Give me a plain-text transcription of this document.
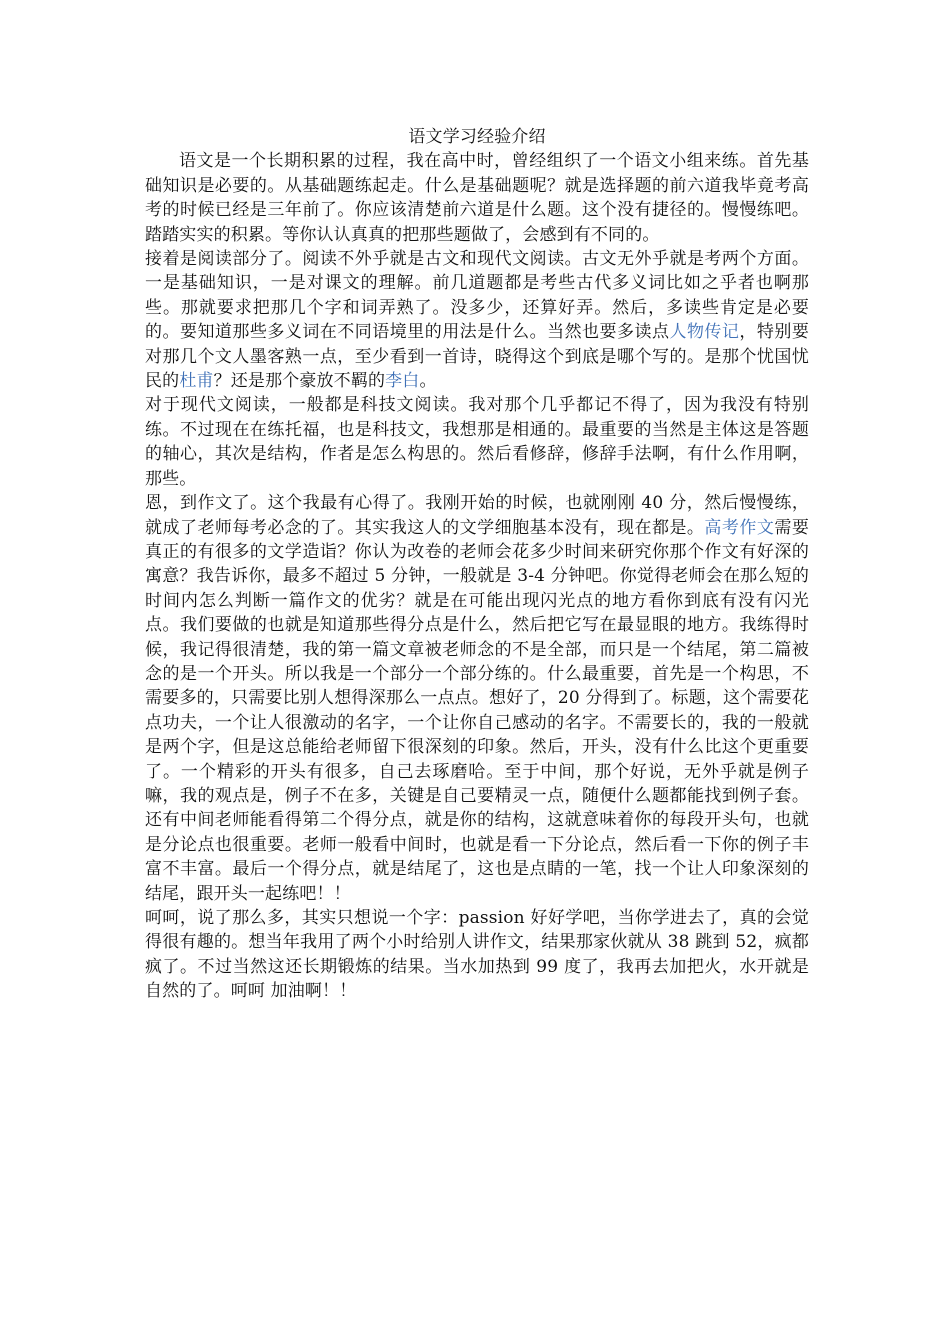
语文学习经验介绍

语文是一个长期积累的过程，我在高中时，曾经组织了一个语文小组来练。首先基础知识是必要的。从基础题练起走。什么是基础题呢？就是选择题的前六道我毕竟考高考的时候已经是三年前了。你应该清楚前六道是什么题。这个没有捷径的。慢慢练吧。踏踏实实的积累。等你认认真真的把那些题做了，会感到有不同的。

接着是阅读部分了。阅读不外乎就是古文和现代文阅读。古文无外乎就是考两个方面。一是基础知识，一是对课文的理解。前几道题都是考些古代多义词比如之乎者也啊那些。那就要求把那几个字和词弄熟了。没多少，还算好弄。然后，多读些肯定是必要的。要知道那些多义词在不同语境里的用法是什么。当然也要多读点人物传记，特别要对那几个文人墨客熟一点，至少看到一首诗，晓得这个到底是哪个写的。是那个忧国忧民的杜甫？还是那个豪放不羁的李白。

对于现代文阅读，一般都是科技文阅读。我对那个几乎都记不得了，因为我没有特别练。不过现在在练托福，也是科技文，我想那是相通的。最重要的当然是主体这是答题的轴心，其次是结构，作者是怎么构思的。然后看修辞，修辞手法啊，有什么作用啊，那些。

恩，到作文了。这个我最有心得了。我刚开始的时候，也就刚刚 40 分，然后慢慢练，就成了老师每考必念的了。其实我这人的文学细胞基本没有，现在都是。高考作文需要真正的有很多的文学造诣？你认为改卷的老师会花多少时间来研究你那个作文有好深的寓意？我告诉你，最多不超过 5 分钟，一般就是 3-4 分钟吧。你觉得老师会在那么短的时间内怎么判断一篇作文的优劣？就是在可能出现闪光点的地方看你到底有没有闪光点。我们要做的也就是知道那些得分点是什么，然后把它写在最显眼的地方。我练得时候，我记得很清楚，我的第一篇文章被老师念的不是全部，而只是一个结尾，第二篇被念的是一个开头。所以我是一个部分一个部分练的。什么最重要，首先是一个构思，不需要多的，只需要比别人想得深那么一点点。想好了，20 分得到了。标题，这个需要花点功夫，一个让人很激动的名字，一个让你自己感动的名字。不需要长的，我的一般就是两个字，但是这总能给老师留下很深刻的印象。然后，开头，没有什么比这个更重要了。一个精彩的开头有很多，自己去琢磨哈。至于中间，那个好说，无外乎就是例子嘛，我的观点是，例子不在多，关键是自己要精灵一点，随便什么题都能找到例子套。还有中间老师能看得第二个得分点，就是你的结构，这就意味着你的每段开头句，也就是分论点也很重要。老师一般看中间时，也就是看一下分论点，然后看一下你的例子丰富不丰富。最后一个得分点，就是结尾了，这也是点睛的一笔，找一个让人印象深刻的结尾，跟开头一起练吧！！

呵呵，说了那么多，其实只想说一个字：passion 好好学吧，当你学进去了，真的会觉得很有趣的。想当年我用了两个小时给别人讲作文，结果那家伙就从 38 跳到 52，疯都疯了。不过当然这还长期锻炼的结果。当水加热到 99 度了，我再去加把火，水开就是自然的了。呵呵 加油啊！！
